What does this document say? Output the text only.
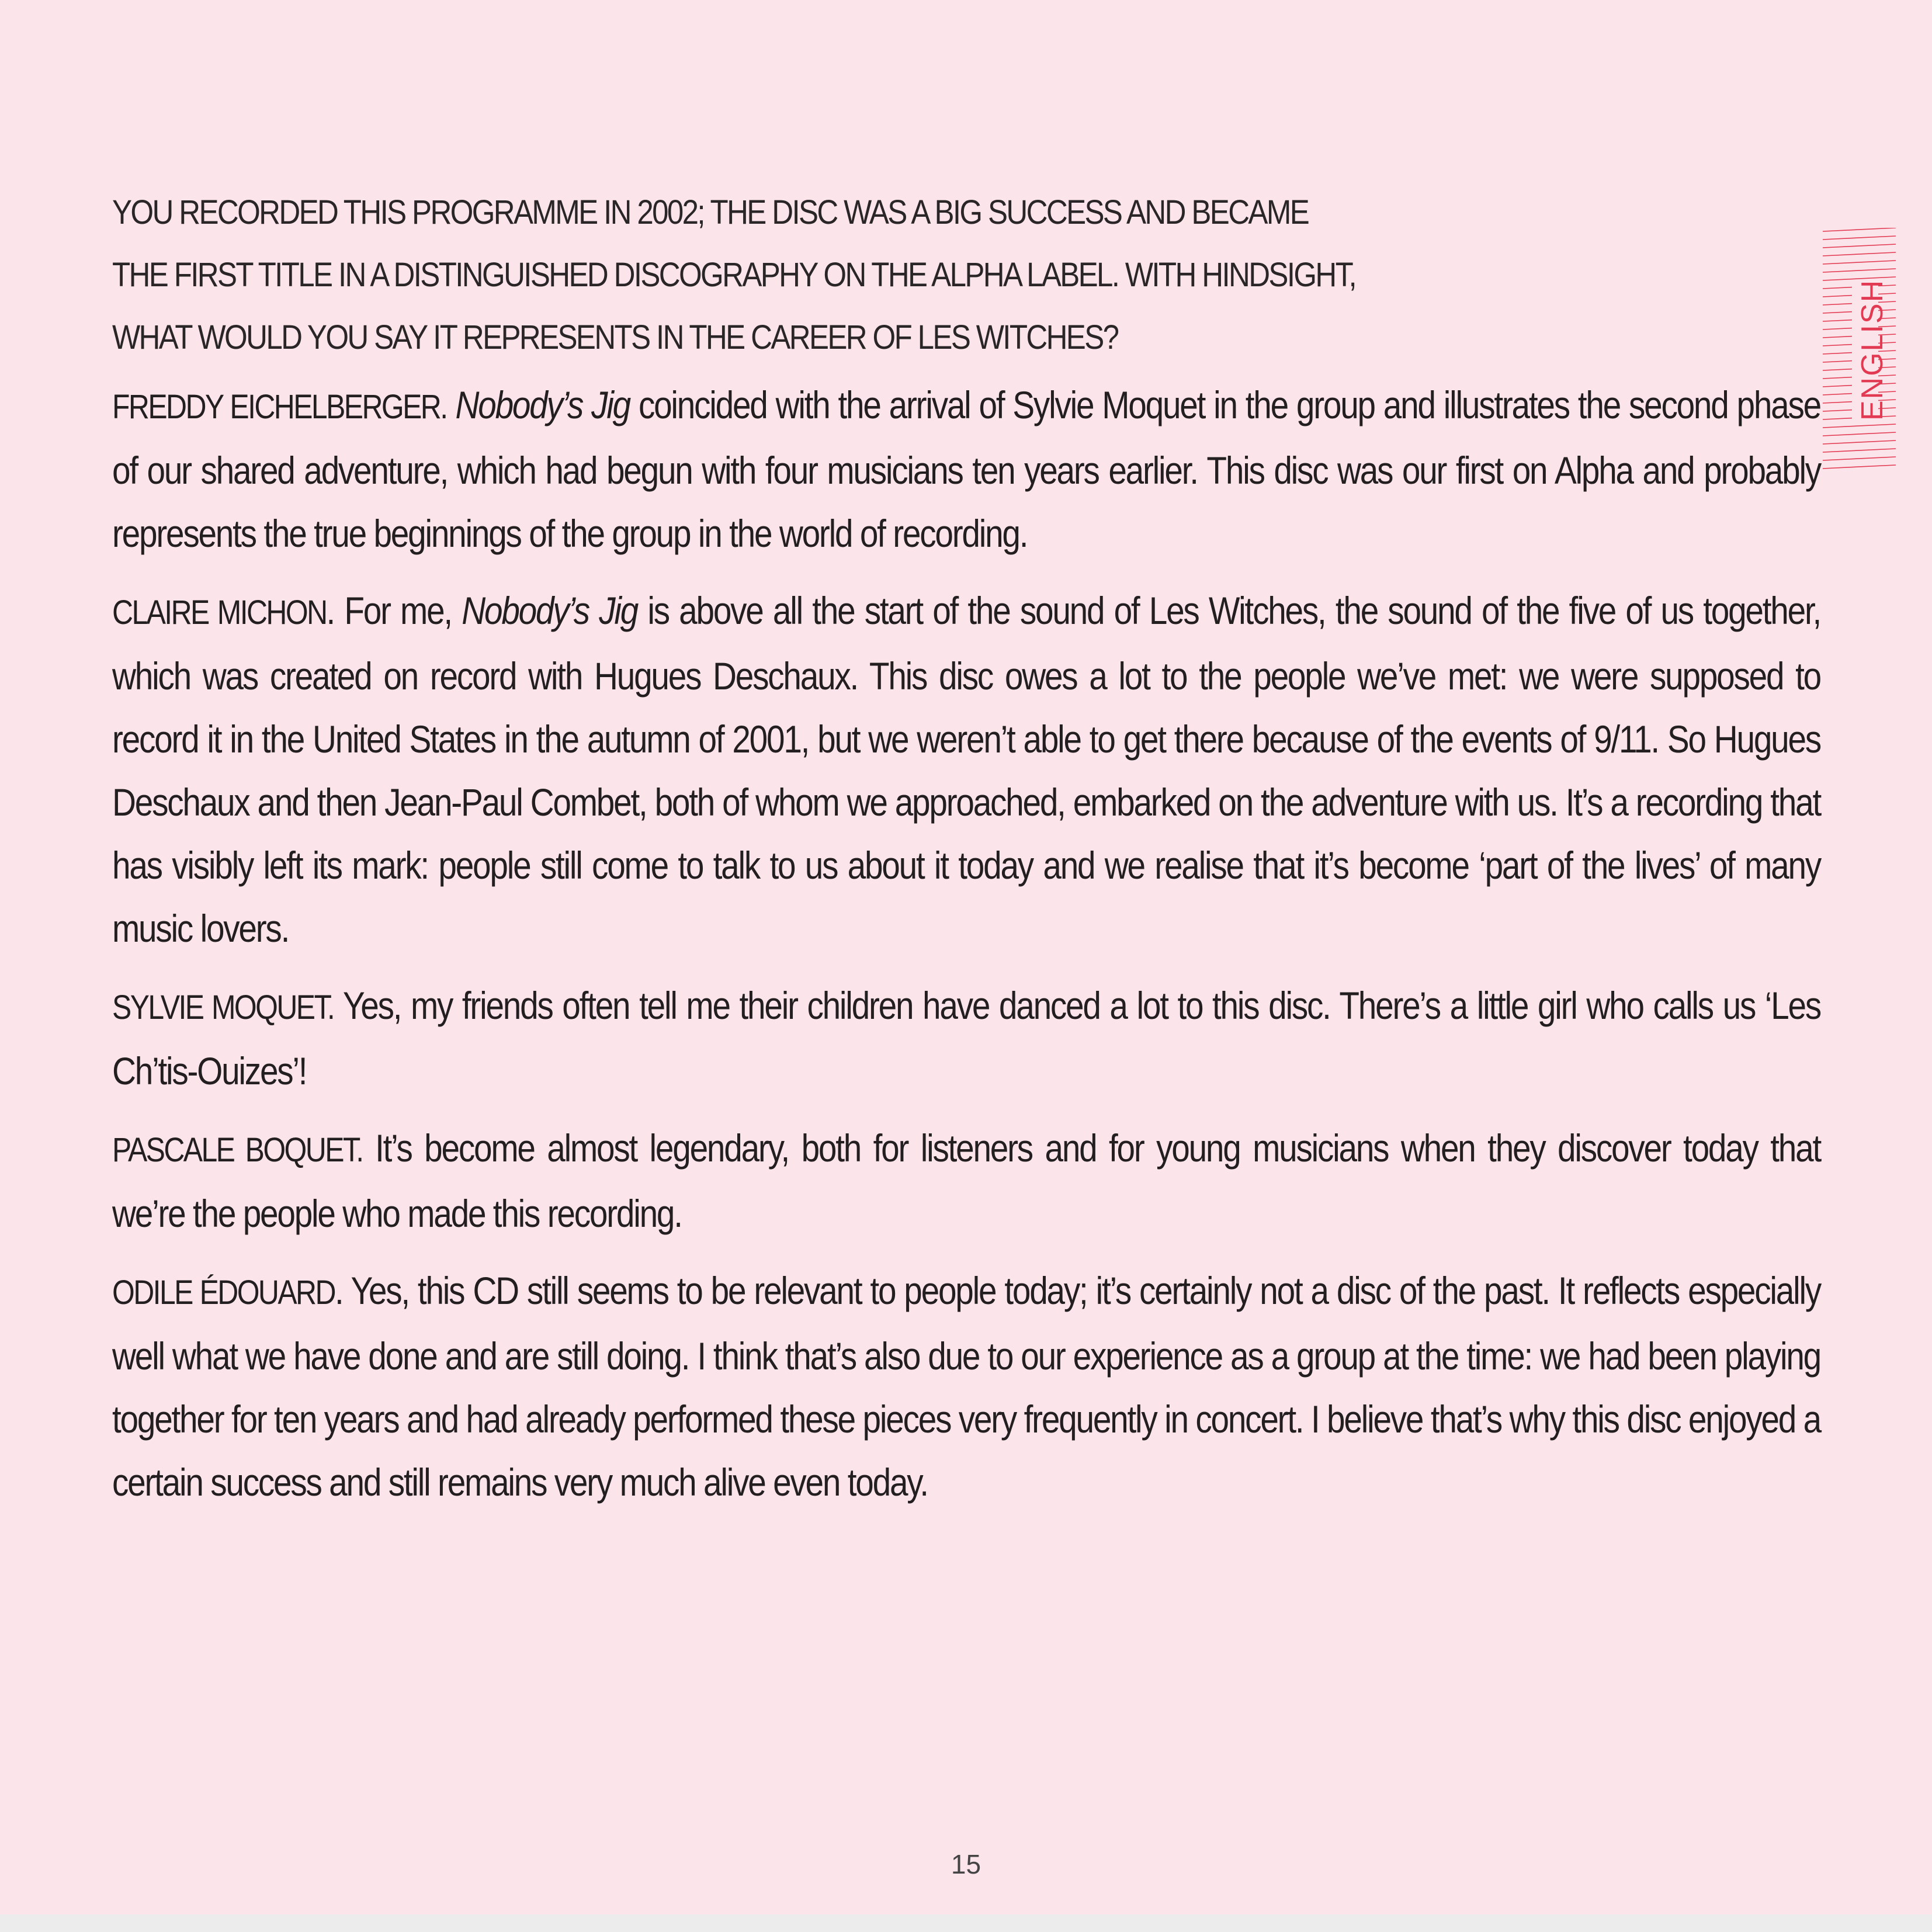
YOU RECORDED THIS PROGRAMME IN 2002; THE DISC WAS A BIG SUCCESS AND BECAME
THE FIRST TITLE IN A DISTINGUISHED DISCOGRAPHY ON THE ALPHA LABEL. WITH HINDSIGHT,
WHAT WOULD YOU SAY IT REPRESENTS IN THE CAREER OF LES WITCHES?

FREDDY EICHELBERGER. Nobody’s Jig coincided with the arrival of Sylvie Moquet in the group and illustrates the second phase of our shared adventure, which had begun with four musicians ten years earlier. This disc was our first on Alpha and probably represents the true beginnings of the group in the world of recording.

CLAIRE MICHON. For me, Nobody’s Jig is above all the start of the sound of Les Witches, the sound of the five of us together, which was created on record with Hugues Deschaux. This disc owes a lot to the people we’ve met: we were supposed to record it in the United States in the autumn of 2001, but we weren’t able to get there because of the events of 9/11. So Hugues Deschaux and then Jean-Paul Combet, both of whom we approached, embarked on the adventure with us. It’s a recording that has visibly left its mark: people still come to talk to us about it today and we realise that it’s become ‘part of the lives’ of many music lovers.

SYLVIE MOQUET. Yes, my friends often tell me their children have danced a lot to this disc. There’s a little girl who calls us ‘Les Ch’tis-Ouizes’!

PASCALE BOQUET. It’s become almost legendary, both for listeners and for young musicians when they discover today that we’re the people who made this recording.

ODILE ÉDOUARD. Yes, this CD still seems to be relevant to people today; it’s certainly not a disc of the past. It reflects especially well what we have done and are still doing. I think that’s also due to our experience as a group at the time: we had been playing together for ten years and had already performed these pieces very frequently in concert. I believe that’s why this disc enjoyed a certain success and still remains very much alive even today.

ENGLISH
15
